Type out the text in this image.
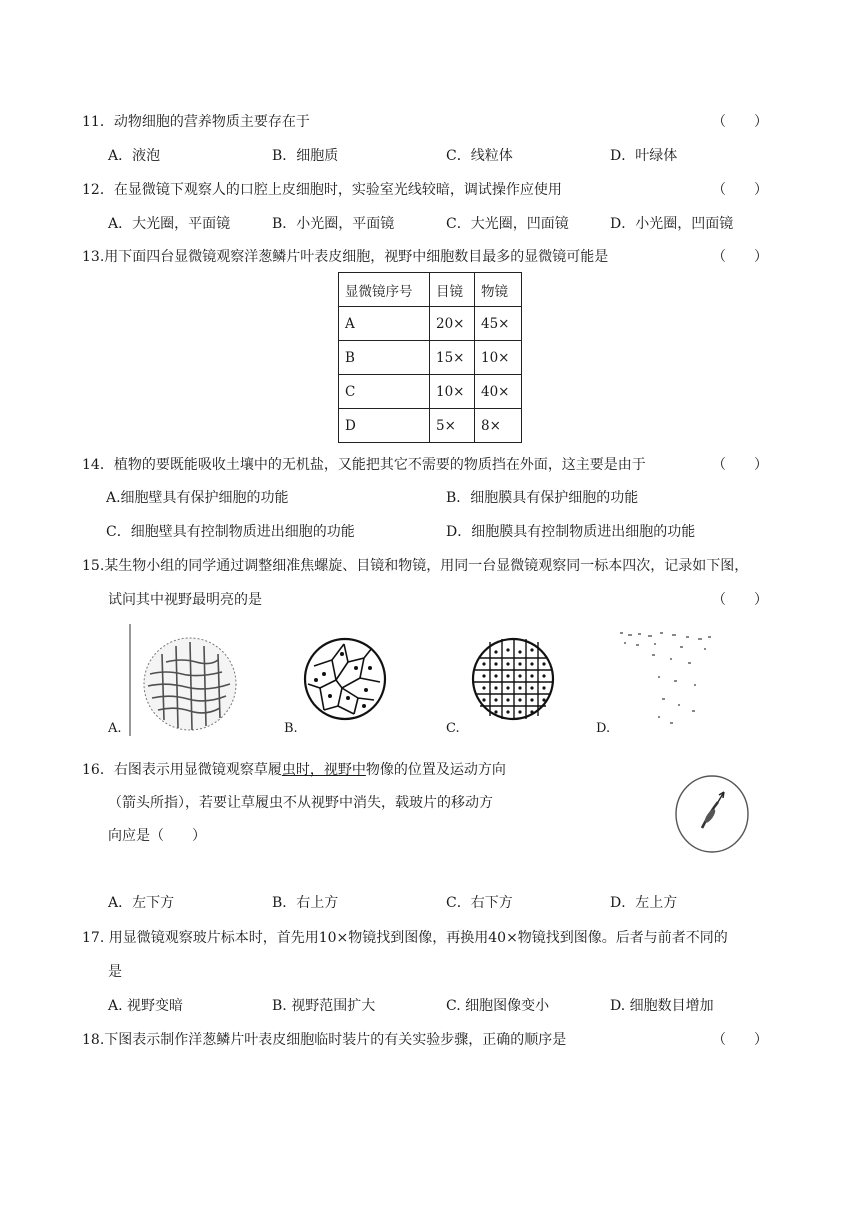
11．动物细胞的营养物质主要存在于	（　　）
A．液泡	B．细胞质	C．线粒体	D．叶绿体
12．在显微镜下观察人的口腔上皮细胞时，实验室光线较暗，调试操作应使用	（　　）
A．大光圈，平面镜	B．小光圈，平面镜	C．大光圈，凹面镜	D．小光圈，凹面镜
13.用下面四台显微镜观察洋葱鳞片叶表皮细胞，视野中细胞数目最多的显微镜可能是	（　　）
显微镜序号	目镜	物镜
A	20×	45×
B	15×	10×
C	10×	40×
D	5×	8×
14．植物的要既能吸收土壤中的无机盐，又能把其它不需要的物质挡在外面，这主要是由于	（　　）
A.细胞壁具有保护细胞的功能	B．细胞膜具有保护细胞的功能
C．细胞壁具有控制物质进出细胞的功能	D．细胞膜具有控制物质进出细胞的功能
15.某生物小组的同学通过调整细准焦螺旋、目镜和物镜，用同一台显微镜观察同一标本四次，记录如下图，
试问其中视野最明亮的是	（　　）
A.	B.	C.	D.
16．右图表示用显微镜观察草履虫时，视野中物像的位置及运动方向
（箭头所指），若要让草履虫不从视野中消失，载玻片的移动方
向应是（　　）
A．左下方	B．右上方	C．右下方	D．左上方
17. 用显微镜观察玻片标本时，首先用10×物镜找到图像，再换用40×物镜找到图像。后者与前者不同的
是
A. 视野变暗	B. 视野范围扩大	C. 细胞图像变小	D. 细胞数目增加
18.下图表示制作洋葱鳞片叶表皮细胞临时装片的有关实验步骤，正确的顺序是	（　　）
